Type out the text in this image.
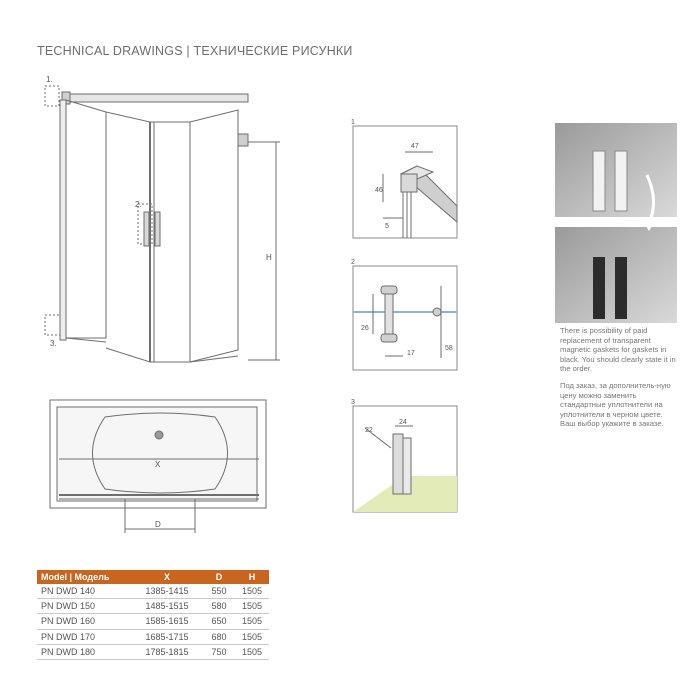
TECHNICAL DRAWINGS | ТЕХНИЧЕСКИЕ РИСУНКИ
1.
2.
3.
H
X
D
1
47
46
5
2
26
17
58
3
22
24
There is possibility of paid replacement of transparent magnetic gaskets for gaskets in black. You should clearly state it in the order.
Под заказ, за дополнитель-ную цену можно заменить стандартные уплотнители на уплотнители в черном цвете. Ваш выбор укажите в заказе.
Model | Модель	X	D	H
PN DWD 140	1385-1415	550	1505
PN DWD 150	1485-1515	580	1505
PN DWD 160	1585-1615	650	1505
PN DWD 170	1685-1715	680	1505
PN DWD 180	1785-1815	750	1505
